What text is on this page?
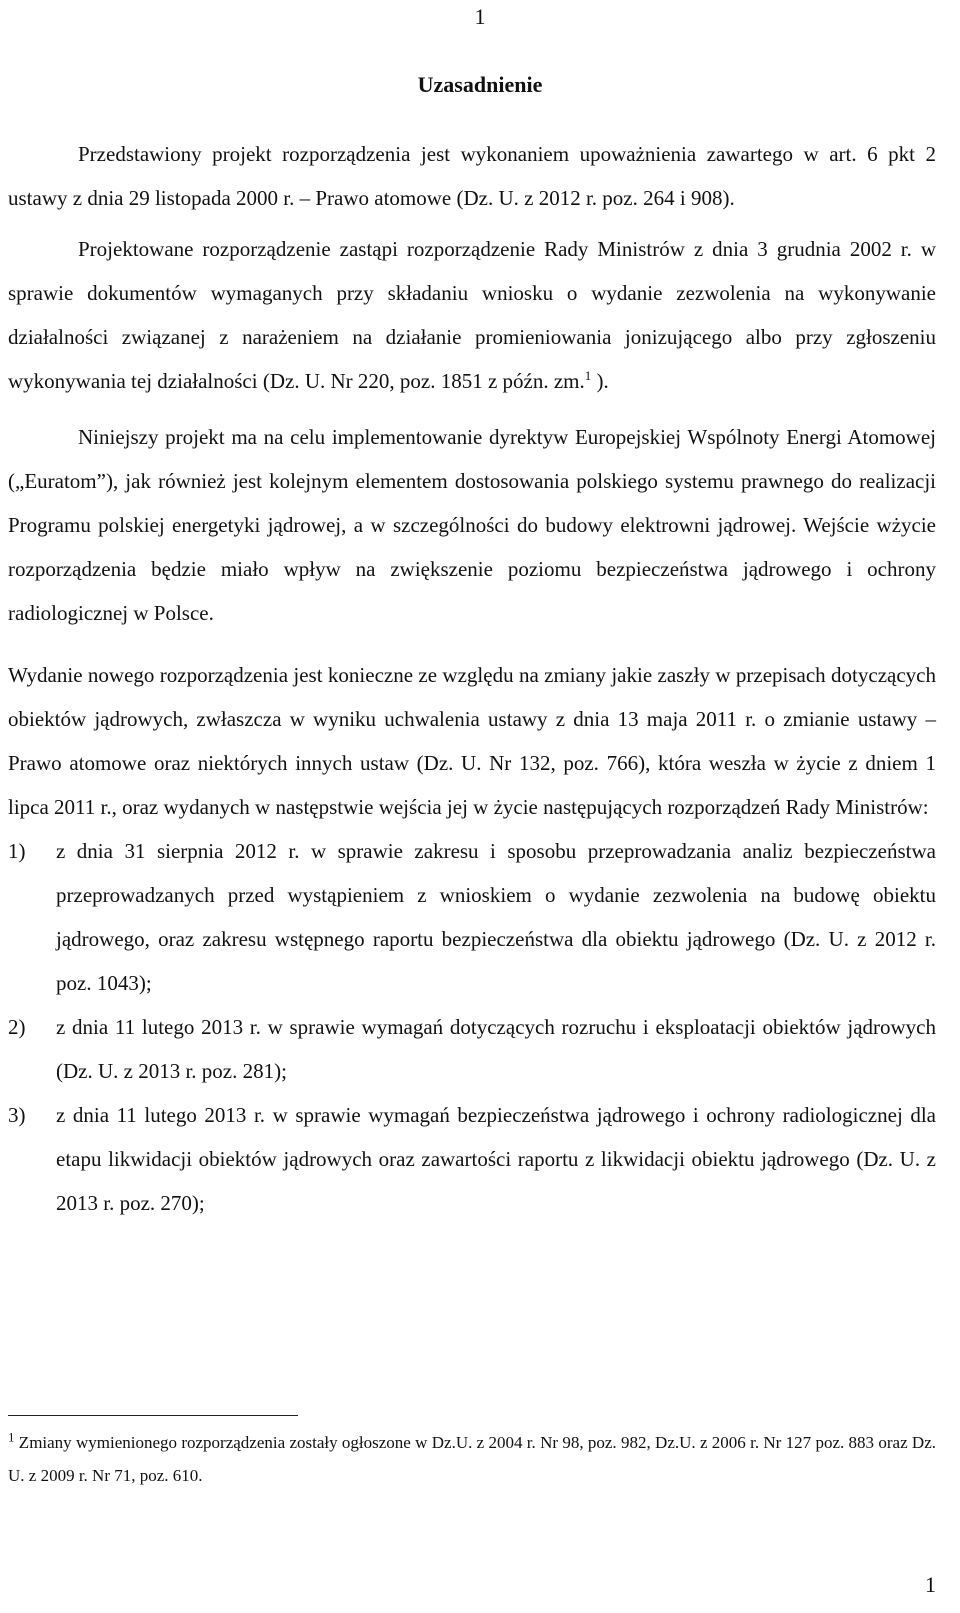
1
Uzasadnienie

Przedstawiony projekt rozporządzenia jest wykonaniem upoważnienia zawartego w art. 6 pkt 2 ustawy z dnia 29 listopada 2000 r. – Prawo atomowe (Dz. U. z 2012 r. poz. 264 i 908).

Projektowane rozporządzenie zastąpi rozporządzenie Rady Ministrów z dnia 3 grudnia 2002 r. w sprawie dokumentów wymaganych przy składaniu wniosku o wydanie zezwolenia na wykonywanie działalności związanej z narażeniem na działanie promieniowania jonizującego albo przy zgłoszeniu wykonywania tej działalności (Dz. U. Nr 220, poz. 1851 z późn. zm.$^1$ ).

Niniejszy projekt ma na celu implementowanie dyrektyw Europejskiej Wspólnoty Energi Atomowej („Euratom”), jak również jest kolejnym elementem dostosowania polskiego systemu prawnego do realizacji Programu polskiej energetyki jądrowej, a w szczególności do budowy elektrowni jądrowej. Wejście wżycie rozporządzenia będzie miało wpływ na zwiększenie poziomu bezpieczeństwa jądrowego i ochrony radiologicznej w Polsce.

Wydanie nowego rozporządzenia jest konieczne ze względu na zmiany jakie zaszły w przepisach dotyczących obiektów jądrowych, zwłaszcza w wyniku uchwalenia ustawy z dnia 13 maja 2011 r. o zmianie ustawy – Prawo atomowe oraz niektórych innych ustaw (Dz. U. Nr 132, poz. 766), która weszła w życie z dniem 1 lipca 2011 r., oraz wydanych w następstwie wejścia jej w życie następujących rozporządzeń Rady Ministrów:

1) z dnia 31 sierpnia 2012 r. w sprawie zakresu i sposobu przeprowadzania analiz bezpieczeństwa przeprowadzanych przed wystąpieniem z wnioskiem o wydanie zezwolenia na budowę obiektu jądrowego, oraz zakresu wstępnego raportu bezpieczeństwa dla obiektu jądrowego (Dz. U. z 2012 r. poz. 1043);
2) z dnia 11 lutego 2013 r. w sprawie wymagań dotyczących rozruchu i eksploatacji obiektów jądrowych (Dz. U. z 2013 r. poz. 281);
3) z dnia 11 lutego 2013 r. w sprawie wymagań bezpieczeństwa jądrowego i ochrony radiologicznej dla etapu likwidacji obiektów jądrowych oraz zawartości raportu z likwidacji obiektu jądrowego (Dz. U. z 2013 r. poz. 270);
$^1$ Zmiany wymienionego rozporządzenia zostały ogłoszone w Dz.U. z 2004 r. Nr 98, poz. 982, Dz.U. z 2006 r. Nr 127 poz. 883 oraz Dz. U. z 2009 r. Nr 71, poz. 610.
1
